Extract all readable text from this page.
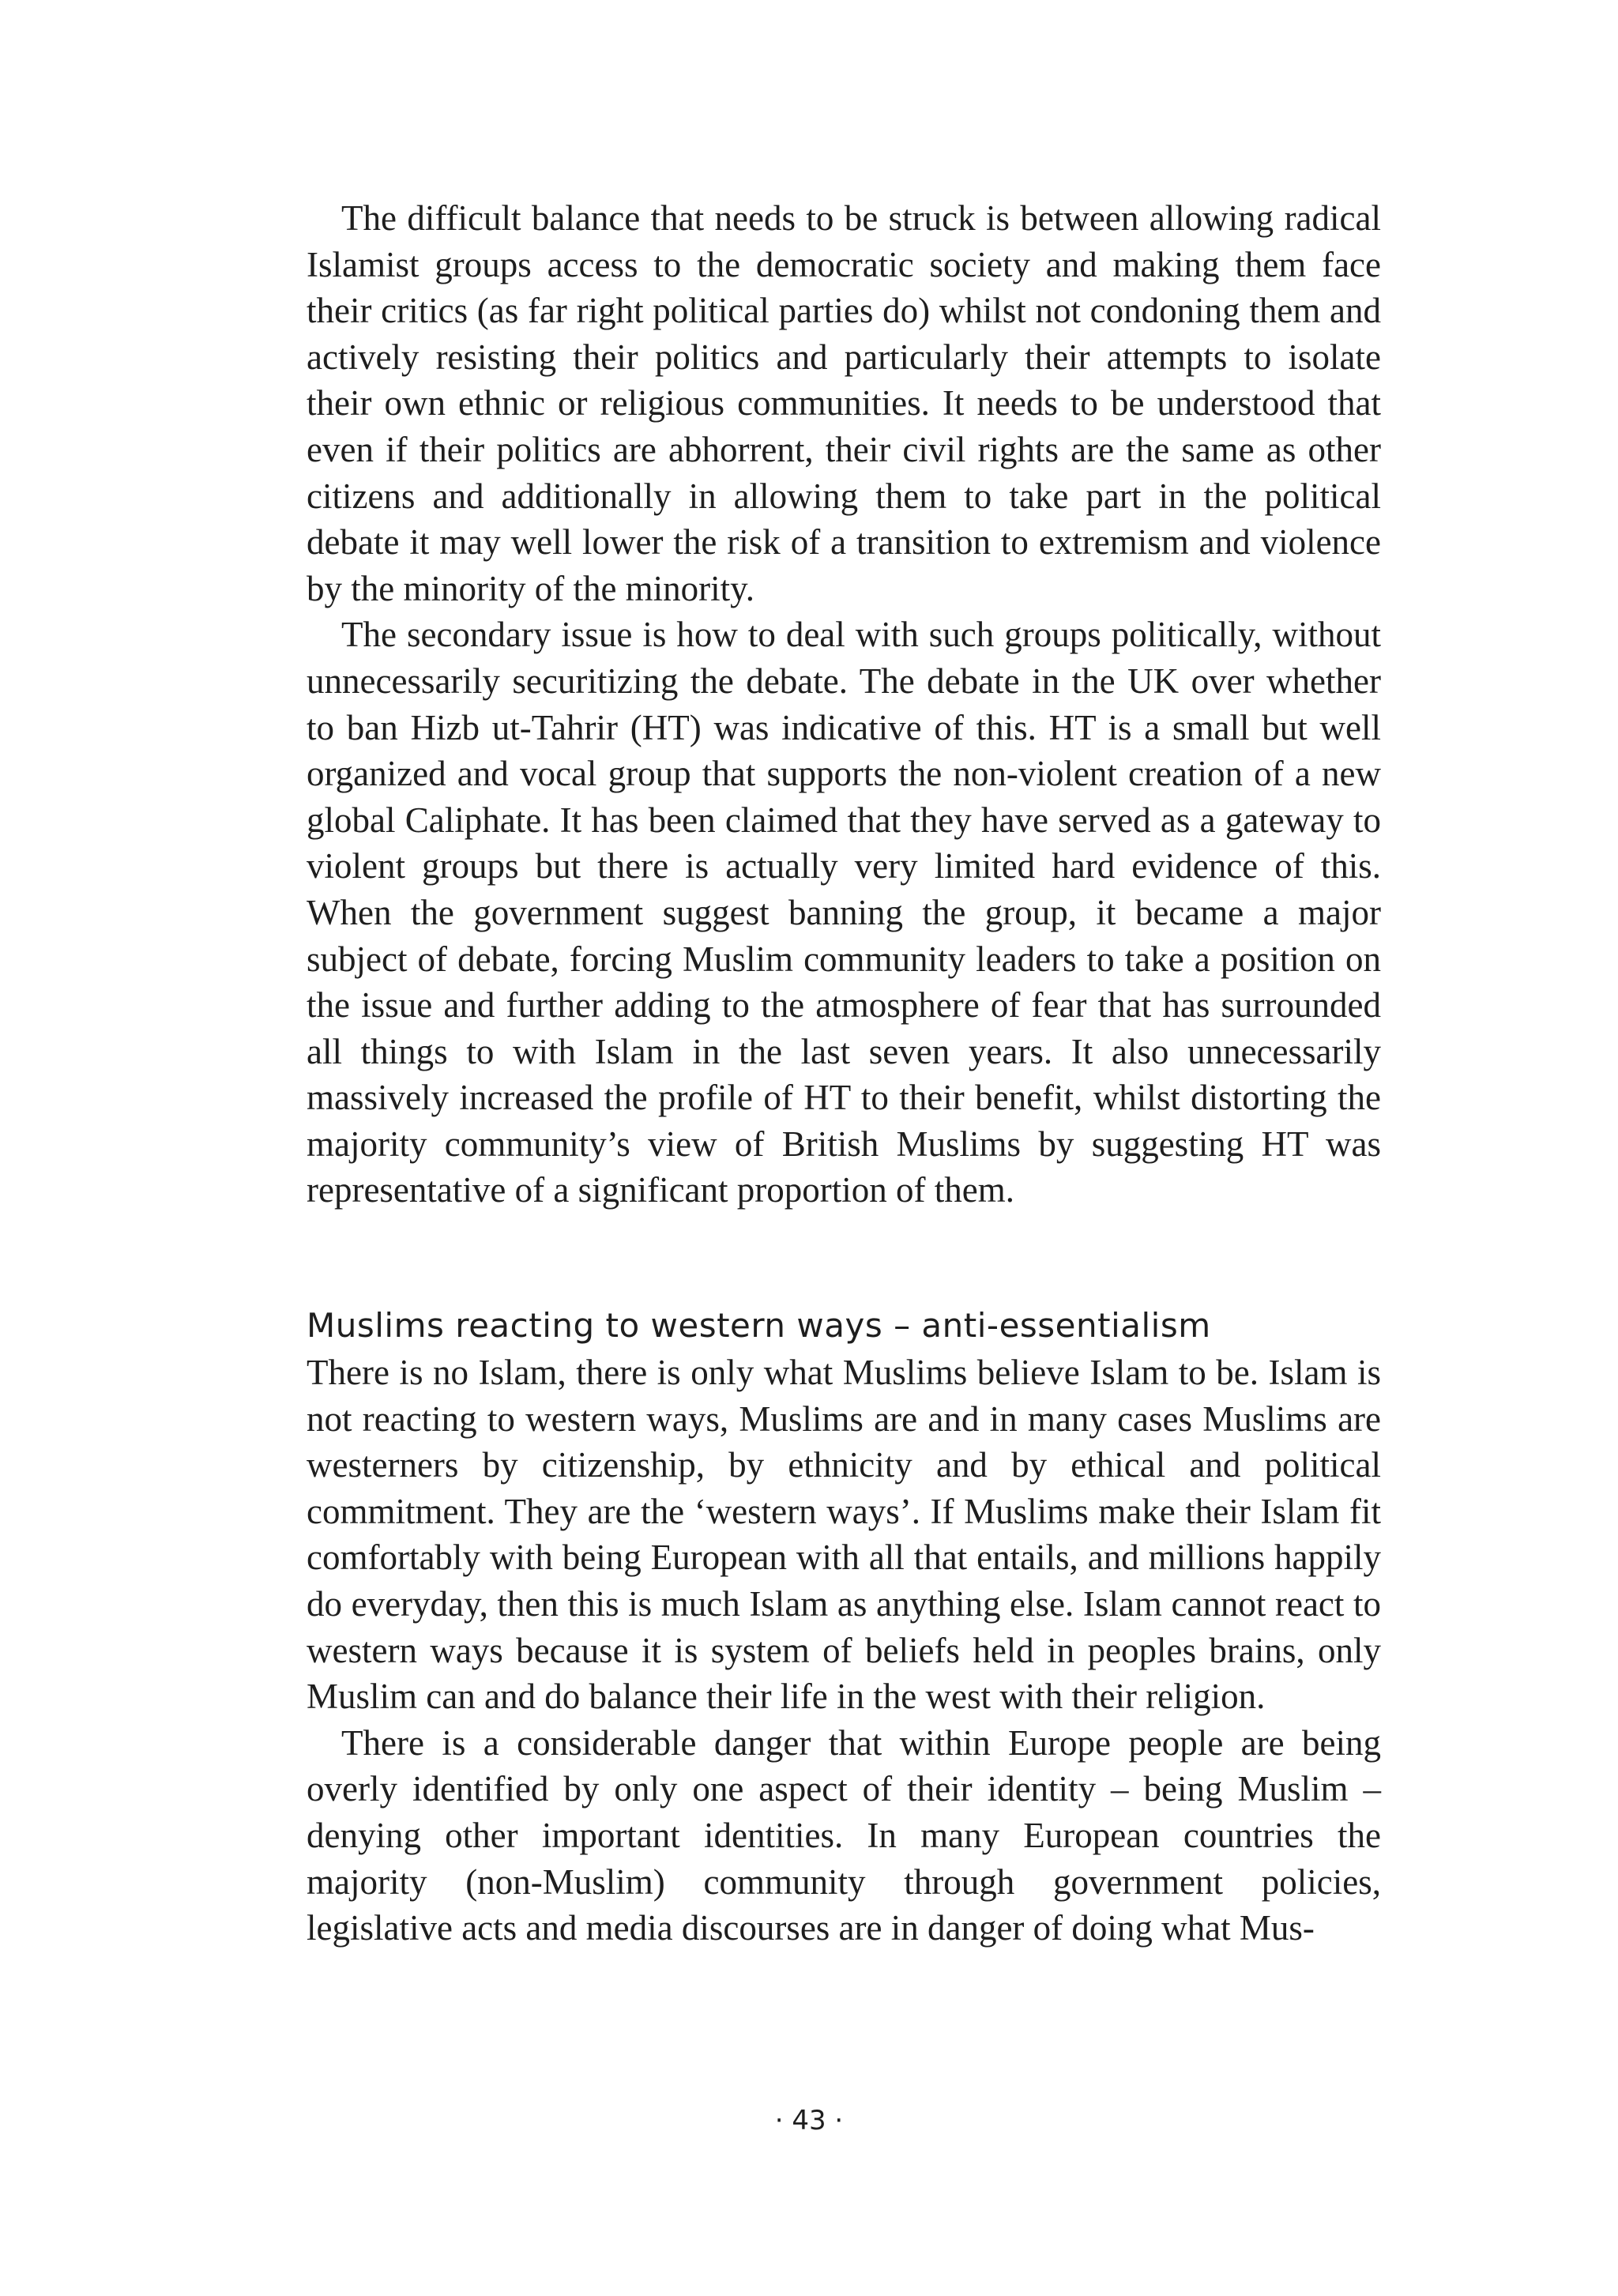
The difficult balance that needs to be struck is between allowing radical Islamist groups access to the democratic society and making them face their critics (as far right political parties do) whilst not condoning them and actively resisting their politics and particularly their attempts to isolate their own ethnic or religious communities. It needs to be understood that even if their politics are abhorrent, their civil rights are the same as other citizens and additionally in allowing them to take part in the political debate it may well lower the risk of a transition to extremism and violence by the minority of the minority.

The secondary issue is how to deal with such groups politically, without unnecessarily securitizing the debate. The debate in the UK over whether to ban Hizb ut-Tahrir (HT) was indicative of this. HT is a small but well organized and vocal group that supports the non-violent creation of a new global Caliphate. It has been claimed that they have served as a gateway to violent groups but there is actually very limited hard evidence of this. When the government suggest banning the group, it became a major subject of debate, forcing Muslim community leaders to take a position on the issue and further adding to the atmosphere of fear that has surrounded all things to with Islam in the last seven years. It also unnecessarily massively increased the profile of HT to their benefit, whilst distorting the majority community’s view of British Muslims by suggesting HT was representative of a significant proportion of them.

Muslims reacting to western ways – anti-essentialism

There is no Islam, there is only what Muslims believe Islam to be. Islam is not reacting to western ways, Muslims are and in many cases Muslims are westerners by citizenship, by ethnicity and by ethical and political commitment. They are the ‘western ways’. If Muslims make their Islam fit comfortably with being European with all that entails, and millions happily do everyday, then this is much Islam as anything else. Islam cannot react to western ways because it is system of beliefs held in peoples brains, only Muslim can and do balance their life in the west with their religion.

There is a considerable danger that within Europe people are being overly identified by only one aspect of their identity – being Muslim – denying other important identities. In many European countries the majority (non-Muslim) community through government policies, legislative acts and media discourses are in danger of doing what Mus-

· 43 ·
